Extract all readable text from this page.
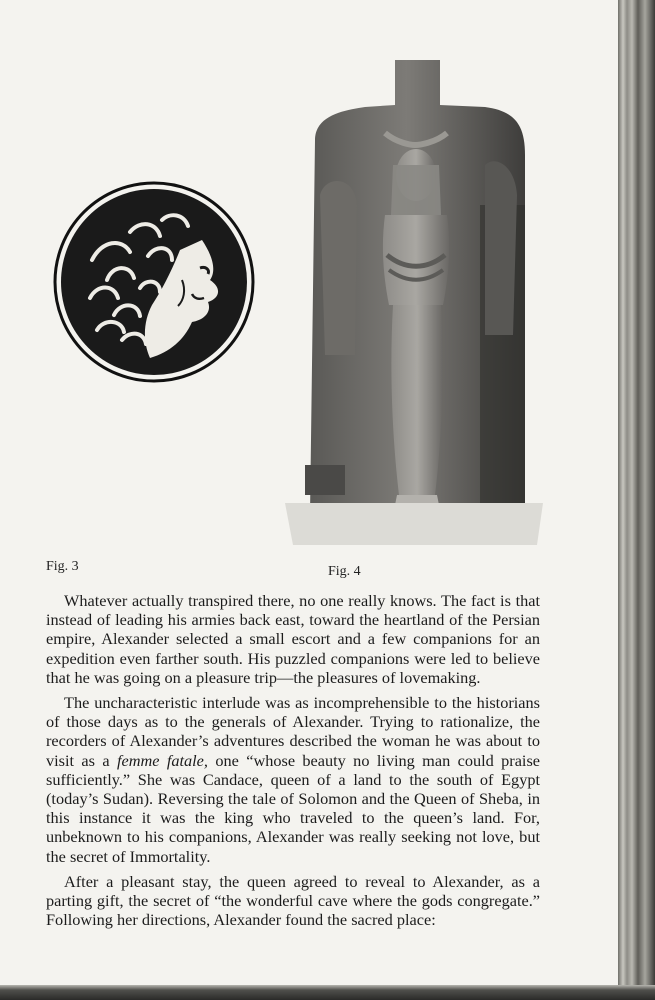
Fig. 3	Fig. 4

Whatever actually transpired there, no one really knows. The fact is that instead of leading his armies back east, toward the heartland of the Persian empire, Alexander selected a small escort and a few companions for an expedition even farther south. His puzzled companions were led to believe that he was going on a pleasure trip—the pleasures of lovemaking.

The uncharacteristic interlude was as incomprehensible to the historians of those days as to the generals of Alexander. Trying to rationalize, the recorders of Alexander’s adventures described the woman he was about to visit as a femme fatale, one “whose beauty no living man could praise sufficiently.” She was Candace, queen of a land to the south of Egypt (today’s Sudan). Reversing the tale of Solomon and the Queen of Sheba, in this instance it was the king who traveled to the queen’s land. For, unbeknown to his companions, Alexander was really seeking not love, but the secret of Immortality.

After a pleasant stay, the queen agreed to reveal to Alexander, as a parting gift, the secret of “the wonderful cave where the gods congregate.” Following her directions, Alexander found the sacred place:
